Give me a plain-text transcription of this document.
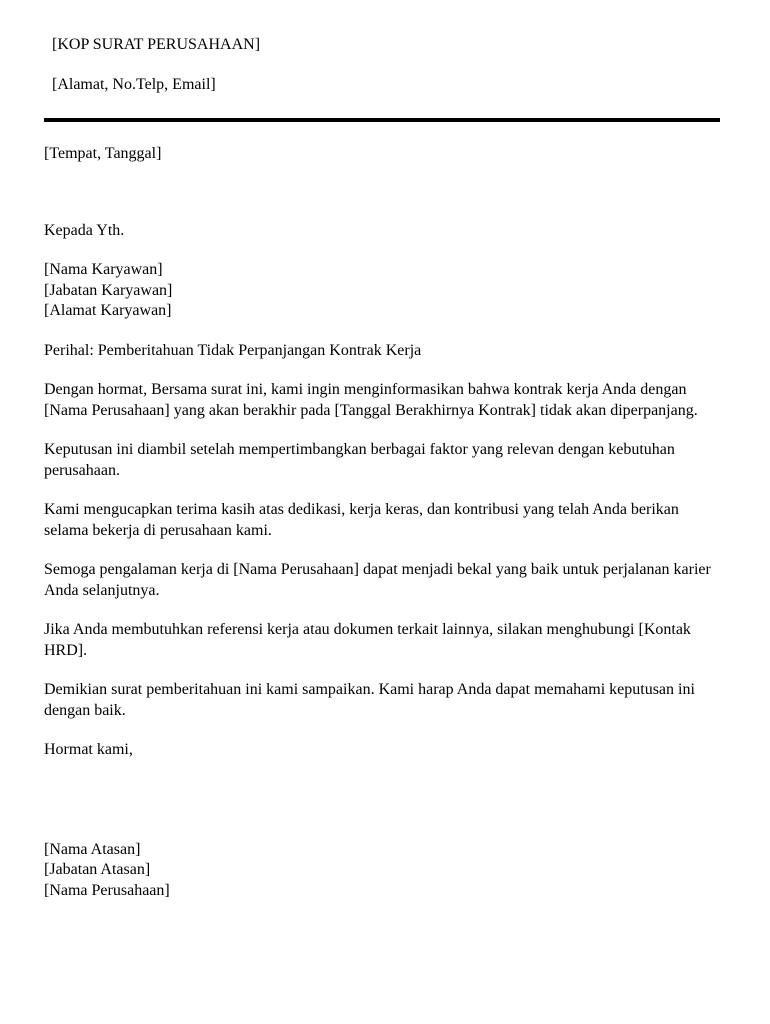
[KOP SURAT PERUSAHAAN]
[Alamat, No.Telp, Email]
[Tempat, Tanggal]
Kepada Yth.
[Nama Karyawan]
[Jabatan Karyawan]
[Alamat Karyawan]
Perihal: Pemberitahuan Tidak Perpanjangan Kontrak Kerja

Dengan hormat, Bersama surat ini, kami ingin menginformasikan bahwa kontrak kerja Anda dengan [Nama Perusahaan] yang akan berakhir pada [Tanggal Berakhirnya Kontrak] tidak akan diperpanjang.

Keputusan ini diambil setelah mempertimbangkan berbagai faktor yang relevan dengan kebutuhan perusahaan.

Kami mengucapkan terima kasih atas dedikasi, kerja keras, dan kontribusi yang telah Anda berikan selama bekerja di perusahaan kami.

Semoga pengalaman kerja di [Nama Perusahaan] dapat menjadi bekal yang baik untuk perjalanan karier Anda selanjutnya.

Jika Anda membutuhkan referensi kerja atau dokumen terkait lainnya, silakan menghubungi [Kontak HRD].

Demikian surat pemberitahuan ini kami sampaikan. Kami harap Anda dapat memahami keputusan ini dengan baik.

Hormat kami,
[Nama Atasan]
[Jabatan Atasan]
[Nama Perusahaan]
